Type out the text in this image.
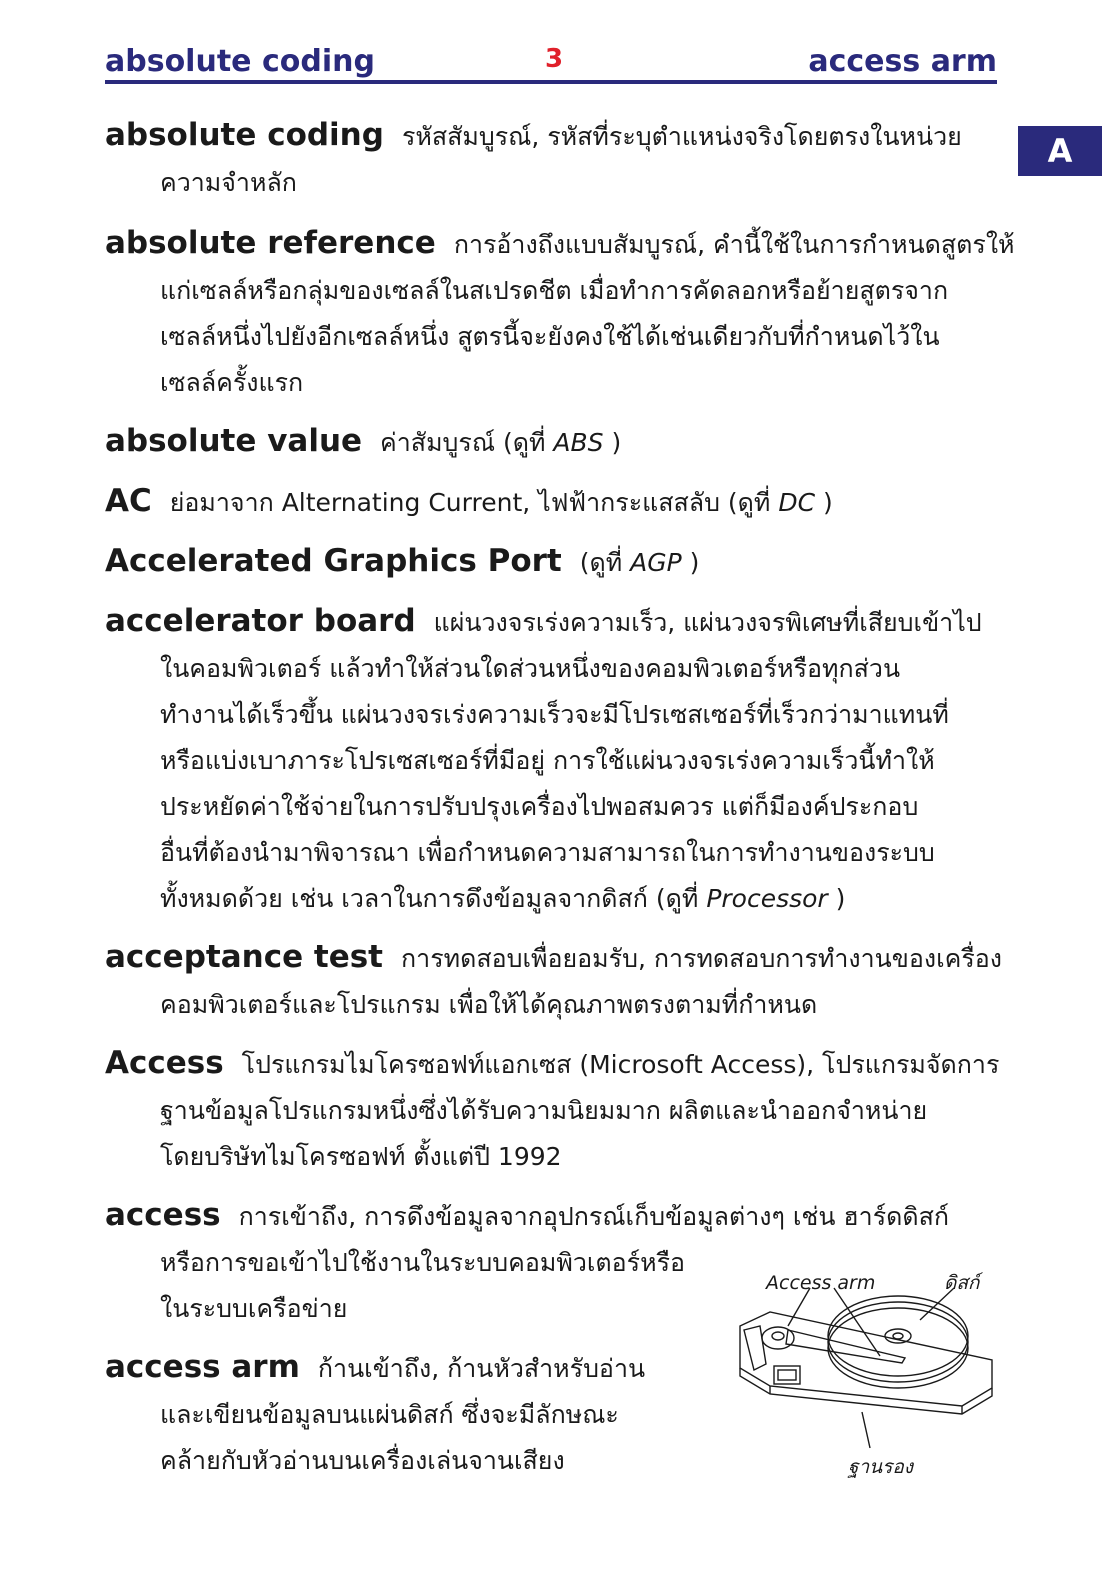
absolute coding	3	access arm
A
absolute coding รหัสสัมบูรณ์, รหัสที่ระบุตำแหน่งจริงโดยตรงในหน่วย
ความจำหลัก
absolute reference การอ้างถึงแบบสัมบูรณ์, คำนี้ใช้ในการกำหนดสูตรให้
แก่เซลล์หรือกลุ่มของเซลล์ในสเปรดชีต เมื่อทำการคัดลอกหรือย้ายสูตรจาก
เซลล์หนึ่งไปยังอีกเซลล์หนึ่ง สูตรนี้จะยังคงใช้ได้เช่นเดียวกับที่กำหนดไว้ใน
เซลล์ครั้งแรก
absolute value ค่าสัมบูรณ์ (ดูที่ ABS )
AC ย่อมาจาก Alternating Current, ไฟฟ้ากระแสสลับ (ดูที่ DC )
Accelerated Graphics Port (ดูที่ AGP )
accelerator board แผ่นวงจรเร่งความเร็ว, แผ่นวงจรพิเศษที่เสียบเข้าไป
ในคอมพิวเตอร์ แล้วทำให้ส่วนใดส่วนหนึ่งของคอมพิวเตอร์หรือทุกส่วน
ทำงานได้เร็วขึ้น แผ่นวงจรเร่งความเร็วจะมีโปรเซสเซอร์ที่เร็วกว่ามาแทนที่
หรือแบ่งเบาภาระโปรเซสเซอร์ที่มีอยู่ การใช้แผ่นวงจรเร่งความเร็วนี้ทำให้
ประหยัดค่าใช้จ่ายในการปรับปรุงเครื่องไปพอสมควร แต่ก็มีองค์ประกอบ
อื่นที่ต้องนำมาพิจารณา เพื่อกำหนดความสามารถในการทำงานของระบบ
ทั้งหมดด้วย เช่น เวลาในการดึงข้อมูลจากดิสก์ (ดูที่ Processor )
acceptance test การทดสอบเพื่อยอมรับ, การทดสอบการทำงานของเครื่อง
คอมพิวเตอร์และโปรแกรม เพื่อให้ได้คุณภาพตรงตามที่กำหนด
Access โปรแกรมไมโครซอฟท์แอกเซส (Microsoft Access), โปรแกรมจัดการ
ฐานข้อมูลโปรแกรมหนึ่งซึ่งได้รับความนิยมมาก ผลิตและนำออกจำหน่าย
โดยบริษัทไมโครซอฟท์ ตั้งแต่ปี 1992
access การเข้าถึง, การดึงข้อมูลจากอุปกรณ์เก็บข้อมูลต่างๆ เช่น ฮาร์ดดิสก์
หรือการขอเข้าไปใช้งานในระบบคอมพิวเตอร์หรือ
ในระบบเครือข่าย
access arm ก้านเข้าถึง, ก้านหัวสำหรับอ่าน
และเขียนข้อมูลบนแผ่นดิสก์ ซึ่งจะมีลักษณะ
คล้ายกับหัวอ่านบนเครื่องเล่นจานเสียง
Access arm	ดิสก์
ฐานรอง
